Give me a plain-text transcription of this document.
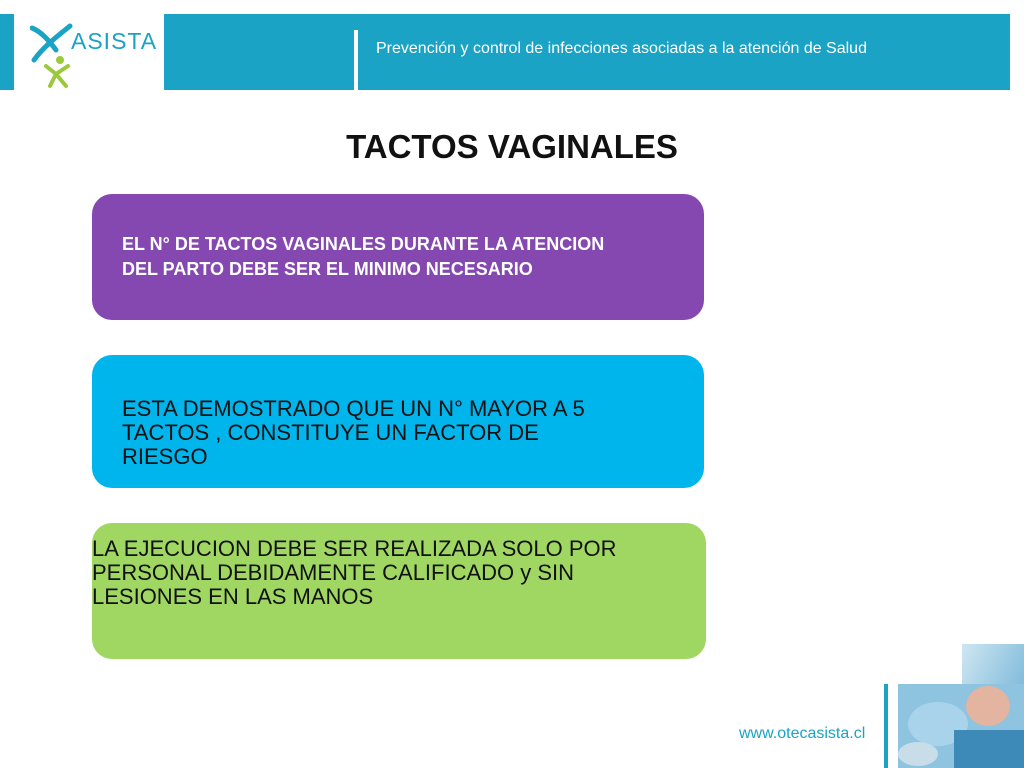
ASISTA	Prevención y control de infecciones asociadas a la atención de Salud
TACTOS VAGINALES
EL N° DE TACTOS VAGINALES DURANTE LA ATENCION DEL PARTO DEBE SER EL MINIMO NECESARIO
ESTA DEMOSTRADO QUE UN N° MAYOR A 5 TACTOS , CONSTITUYE UN FACTOR DE RIESGO
LA EJECUCION DEBE SER REALIZADA SOLO POR PERSONAL DEBIDAMENTE CALIFICADO y SIN LESIONES EN LAS MANOS
www.otecasista.cl
